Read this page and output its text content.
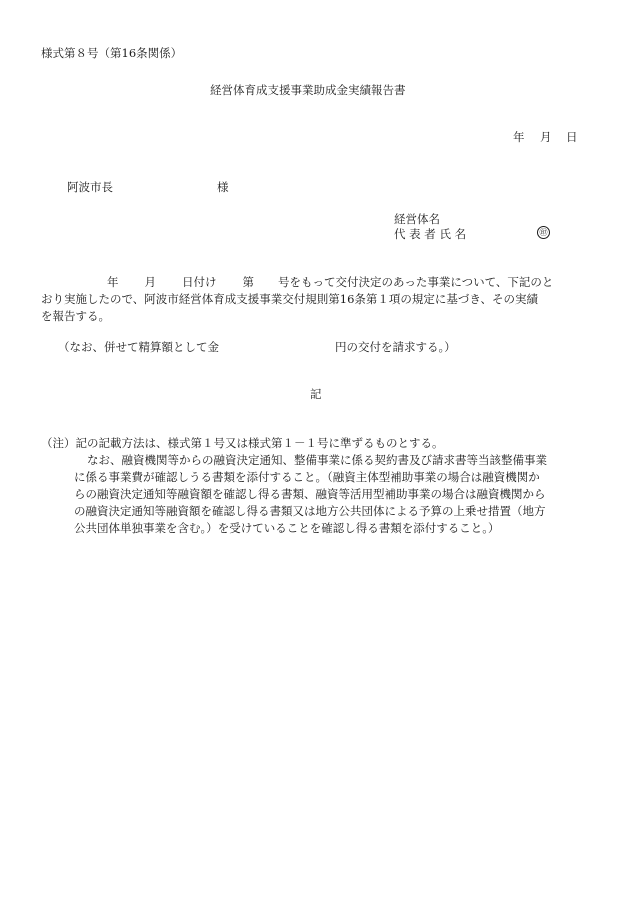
様式第８号（第16条関係）
経営体育成支援事業助成金実績報告書
年 月 日
阿波市長	様
経営体名
代 表 者 氏 名	㊞
年 月 日付け 第 号をもって交付決定のあった事業について、下記のと
おり実施したので、阿波市経営体育成支援事業交付規則第16条第１項の規定に基づき、その実績
を報告する。
（なお、併せて精算額として金	円の交付を請求する。）
記
（注）記の記載方法は、様式第１号又は様式第１－１号に準ずるものとする。
なお、融資機関等からの融資決定通知、整備事業に係る契約書及び請求書等当該整備事業
に係る事業費が確認しうる書類を添付すること。（融資主体型補助事業の場合は融資機関か
らの融資決定通知等融資額を確認し得る書類、融資等活用型補助事業の場合は融資機関から
の融資決定通知等融資額を確認し得る書類又は地方公共団体による予算の上乗せ措置（地方
公共団体単独事業を含む。）を受けていることを確認し得る書類を添付すること。）
